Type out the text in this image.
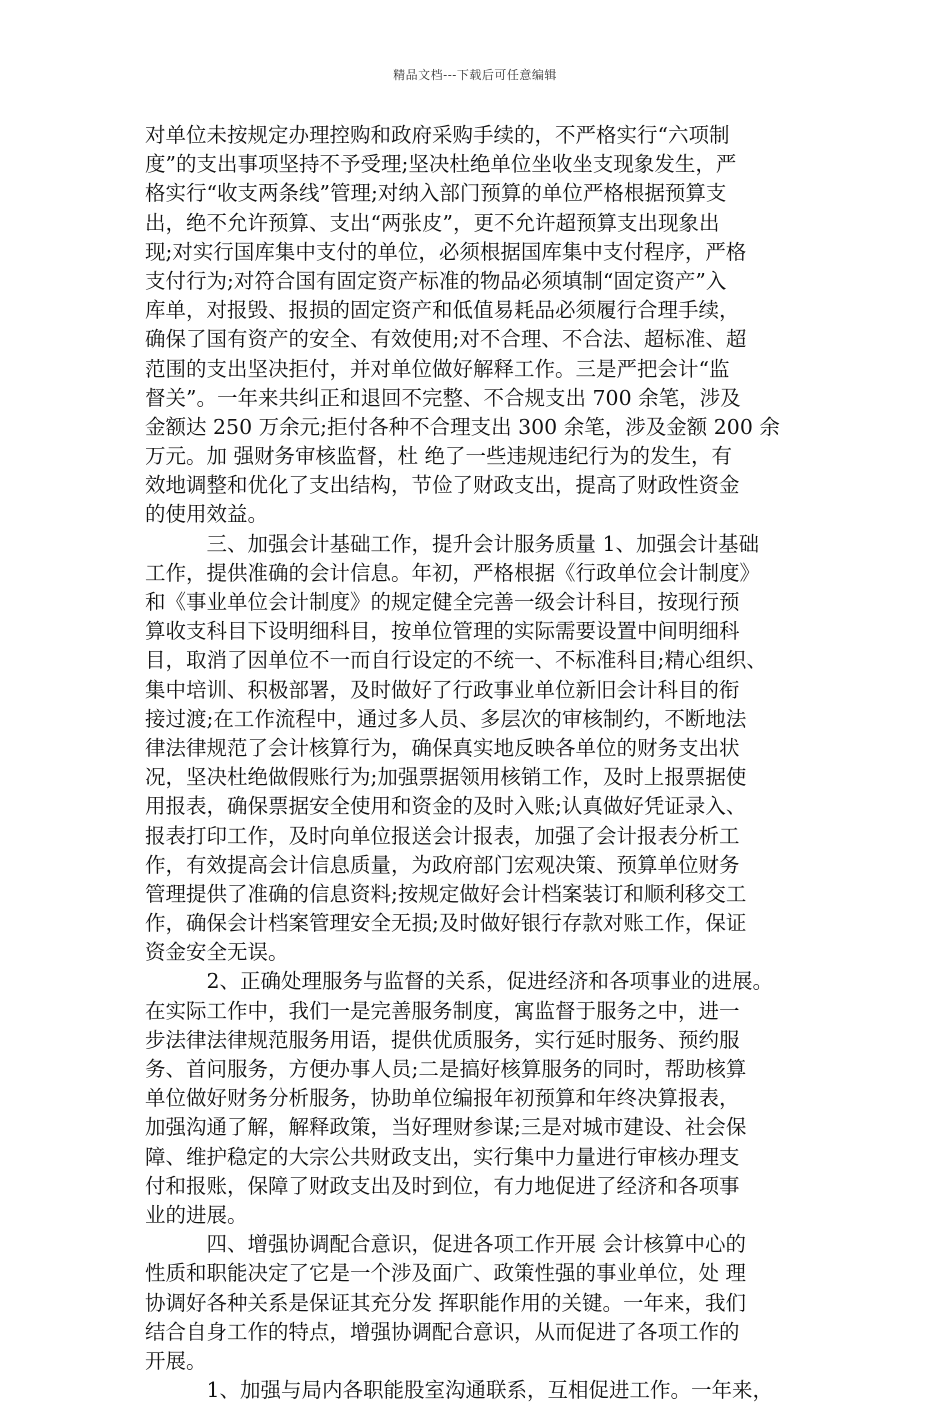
精品文档---下载后可任意编辑
对单位未按规定办理控购和政府采购手续的，不严格实行“六项制
度”的支出事项坚持不予受理;坚决杜绝单位坐收坐支现象发生，严
格实行“收支两条线”管理;对纳入部门预算的单位严格根据预算支
出，绝不允许预算、支出“两张皮”，更不允许超预算支出现象出
现;对实行国库集中支付的单位，必须根据国库集中支付程序，严格
支付行为;对符合国有固定资产标准的物品必须填制“固定资产”入
库单，对报毁、报损的固定资产和低值易耗品必须履行合理手续，
确保了国有资产的安全、有效使用;对不合理、不合法、超标准、超
范围的支出坚决拒付，并对单位做好解释工作。三是严把会计“监
督关”。一年来共纠正和退回不完整、不合规支出 700 余笔，涉及
金额达 250 万余元;拒付各种不合理支出 300 余笔，涉及金额 200 余
万元。加 强财务审核监督，杜 绝了一些违规违纪行为的发生，有
效地调整和优化了支出结构，节俭了财政支出，提高了财政性资金
的使用效益。
　　　三、加强会计基础工作，提升会计服务质量 1、加强会计基础
工作，提供准确的会计信息。年初，严格根据《行政单位会计制度》
和《事业单位会计制度》的规定健全完善一级会计科目，按现行预
算收支科目下设明细科目，按单位管理的实际需要设置中间明细科
目，取消了因单位不一而自行设定的不统一、不标准科目;精心组织、
集中培训、积极部署，及时做好了行政事业单位新旧会计科目的衔
接过渡;在工作流程中，通过多人员、多层次的审核制约，不断地法
律法律规范了会计核算行为，确保真实地反映各单位的财务支出状
况，坚决杜绝做假账行为;加强票据领用核销工作，及时上报票据使
用报表，确保票据安全使用和资金的及时入账;认真做好凭证录入、
报表打印工作，及时向单位报送会计报表，加强了会计报表分析工
作，有效提高会计信息质量，为政府部门宏观决策、预算单位财务
管理提供了准确的信息资料;按规定做好会计档案装订和顺利移交工
作，确保会计档案管理安全无损;及时做好银行存款对账工作，保证
资金安全无误。
　　　2、正确处理服务与监督的关系，促进经济和各项事业的进展。
在实际工作中，我们一是完善服务制度，寓监督于服务之中，进一
步法律法律规范服务用语，提供优质服务，实行延时服务、预约服
务、首问服务，方便办事人员;二是搞好核算服务的同时，帮助核算
单位做好财务分析服务，协助单位编报年初预算和年终决算报表，
加强沟通了解，解释政策，当好理财参谋;三是对城市建设、社会保
障、维护稳定的大宗公共财政支出，实行集中力量进行审核办理支
付和报账，保障了财政支出及时到位，有力地促进了经济和各项事
业的进展。
　　　四、增强协调配合意识，促进各项工作开展 会计核算中心的
性质和职能决定了它是一个涉及面广、政策性强的事业单位，处 理
协调好各种关系是保证其充分发 挥职能作用的关键。一年来，我们
结合自身工作的特点，增强协调配合意识，从而促进了各项工作的
开展。
　　　1、加强与局内各职能股室沟通联系，互相促进工作。一年来，
